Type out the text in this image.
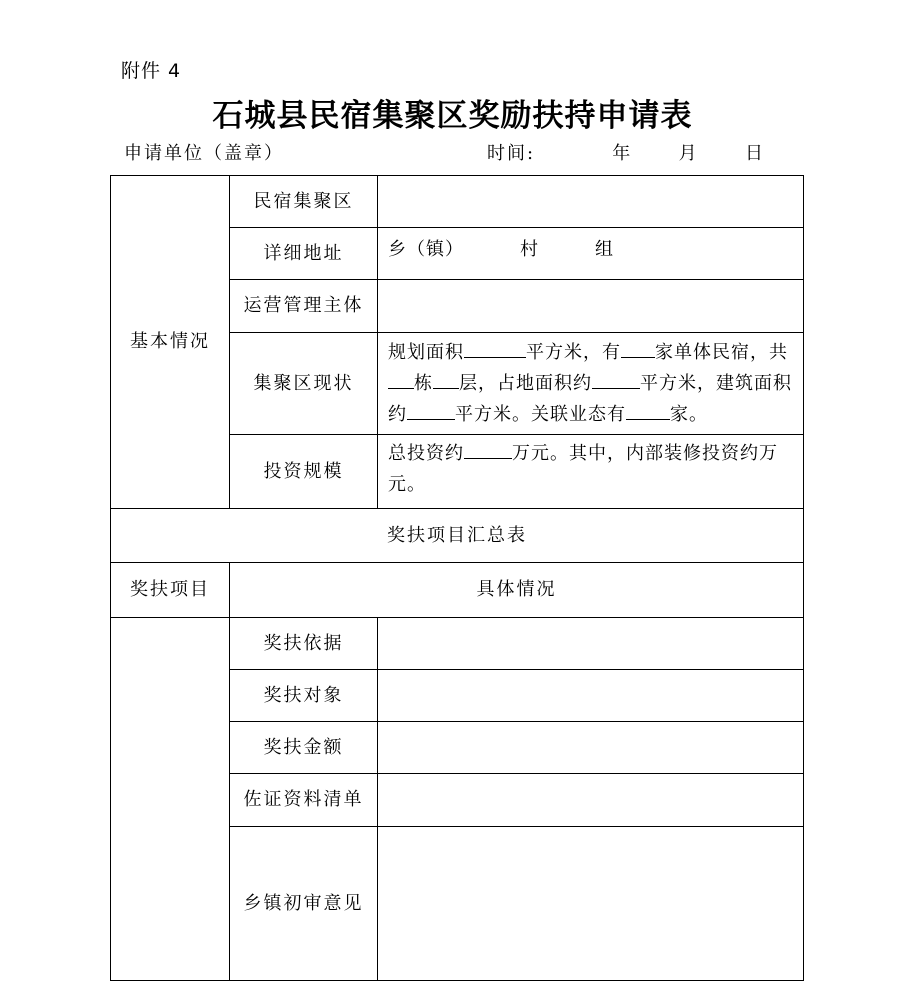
附件 4
石城县民宿集聚区奖励扶持申请表
申请单位（盖章）	时间:          年      月      日
基本情况	民宿集聚区	
	详细地址	乡（镇） 村 组
	运营管理主体	
	集聚区现状	规划面积 平方米，有 家单体民宿，共栋 层，占地面积约 平方米，建筑面积约 平方米。关联业态有 家。
	投资规模	总投资约 万元。其中，内部装修投资约万元。
奖扶项目汇总表		
奖扶项目	具体情况	
	奖扶依据	
	奖扶对象	
	奖扶金额	
	佐证资料清单	
	乡镇初审意见	
